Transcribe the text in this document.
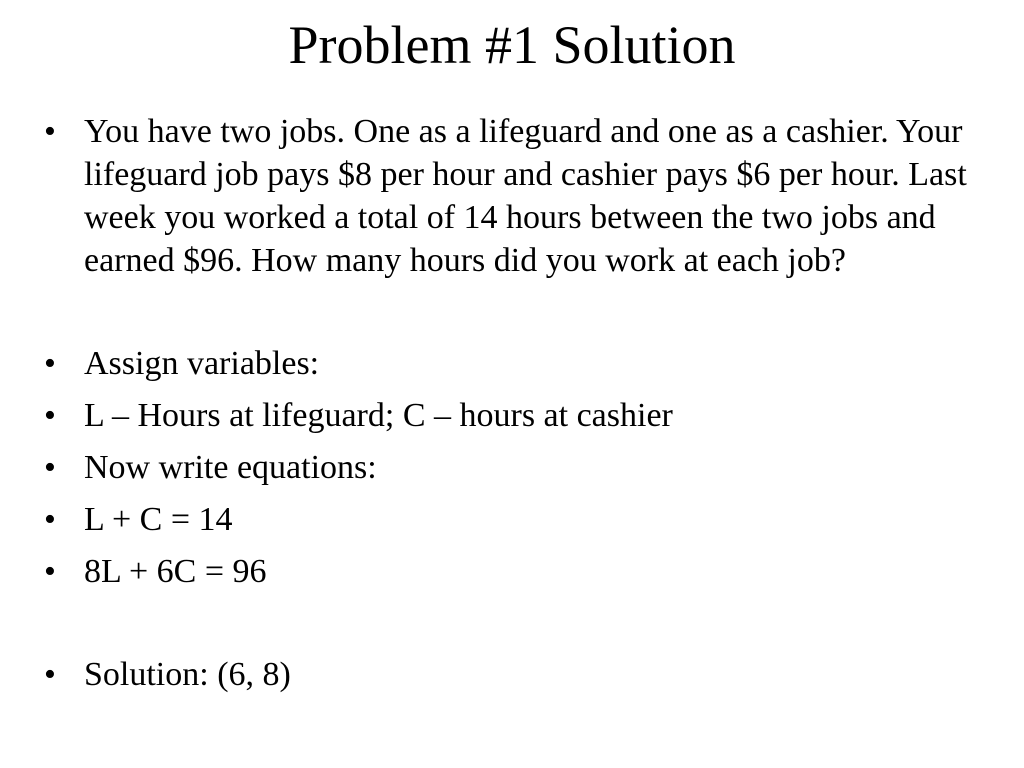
Problem #1 Solution
• You have two jobs. One as a lifeguard and one as a cashier. Your lifeguard job pays $8 per hour and cashier pays $6 per hour. Last week you worked a total of 14 hours between the two jobs and earned $96. How many hours did you work at each job?
• Assign variables:
• L – Hours at lifeguard; C – hours at cashier
• Now write equations:
• L + C = 14
• 8L + 6C = 96
• Solution: (6, 8)
